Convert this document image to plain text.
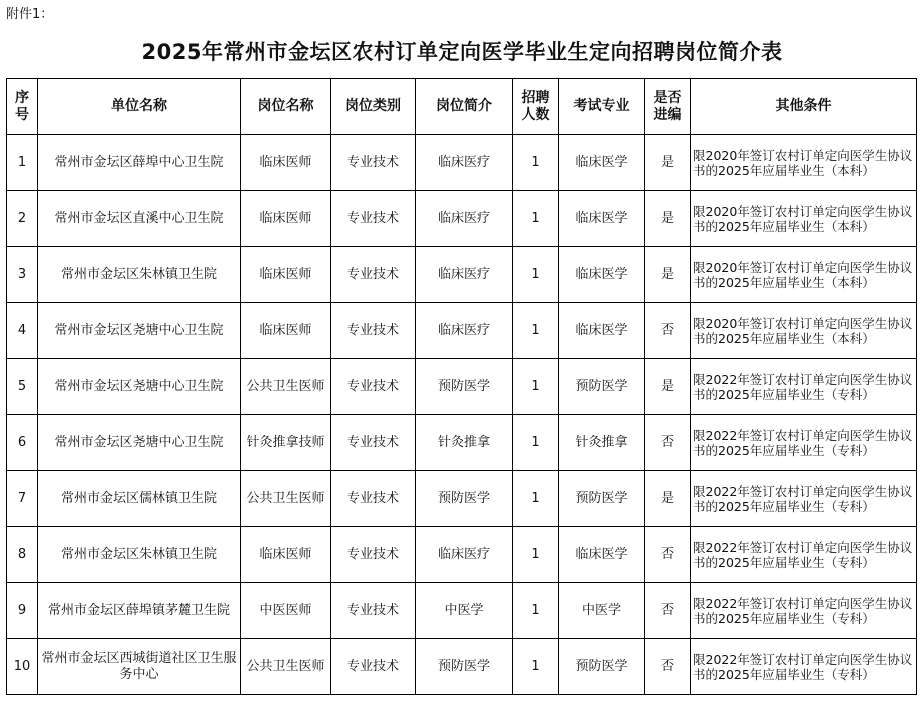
附件1：
2025年常州市金坛区农村订单定向医学毕业生定向招聘岗位简介表
序号	单位名称	岗位名称	岗位类别	岗位简介	招聘人数	考试专业	是否进编	其他条件
1	常州市金坛区薛埠中心卫生院	临床医师	专业技术	临床医疗	1	临床医学	是	限2020年签订农村订单定向医学生协议书的2025年应届毕业生（本科）
2	常州市金坛区直溪中心卫生院	临床医师	专业技术	临床医疗	1	临床医学	是	限2020年签订农村订单定向医学生协议书的2025年应届毕业生（本科）
3	常州市金坛区朱林镇卫生院	临床医师	专业技术	临床医疗	1	临床医学	是	限2020年签订农村订单定向医学生协议书的2025年应届毕业生（本科）
4	常州市金坛区尧塘中心卫生院	临床医师	专业技术	临床医疗	1	临床医学	否	限2020年签订农村订单定向医学生协议书的2025年应届毕业生（本科）
5	常州市金坛区尧塘中心卫生院	公共卫生医师	专业技术	预防医学	1	预防医学	是	限2022年签订农村订单定向医学生协议书的2025年应届毕业生（专科）
6	常州市金坛区尧塘中心卫生院	针灸推拿技师	专业技术	针灸推拿	1	针灸推拿	否	限2022年签订农村订单定向医学生协议书的2025年应届毕业生（专科）
7	常州市金坛区儒林镇卫生院	公共卫生医师	专业技术	预防医学	1	预防医学	是	限2022年签订农村订单定向医学生协议书的2025年应届毕业生（专科）
8	常州市金坛区朱林镇卫生院	临床医师	专业技术	临床医疗	1	临床医学	否	限2022年签订农村订单定向医学生协议书的2025年应届毕业生（专科）
9	常州市金坛区薛埠镇茅麓卫生院	中医医师	专业技术	中医学	1	中医学	否	限2022年签订农村订单定向医学生协议书的2025年应届毕业生（专科）
10	常州市金坛区西城街道社区卫生服务中心	公共卫生医师	专业技术	预防医学	1	预防医学	否	限2022年签订农村订单定向医学生协议书的2025年应届毕业生（专科）
